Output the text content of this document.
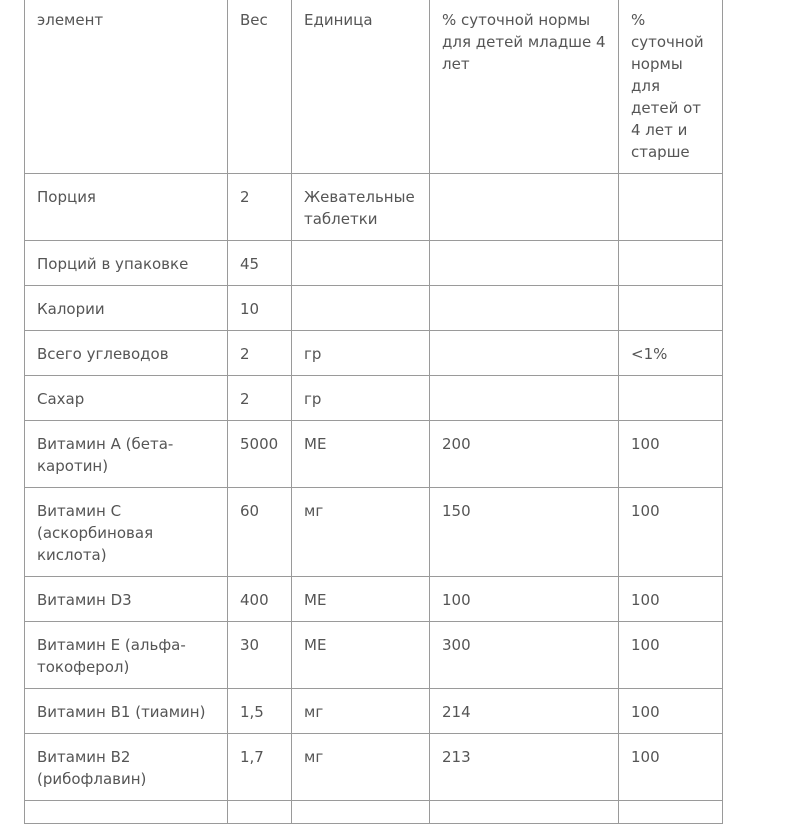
элемент	Вес	Единица	% суточной нормы для детей младше 4 лет	% суточной нормы для детей от 4 лет и старше
Порция	2	Жевательные таблетки		
Порций в упаковке	45			
Калории	10			
Всего углеводов	2	гр		<1%
Сахар	2	гр		
Витамин А (бета-каротин)	5000	МЕ	200	100
Витамин С (аскорбиновая кислота)	60	мг	150	100
Витамин D3	400	МЕ	100	100
Витамин Е (альфа-токоферол)	30	МЕ	300	100
Витамин В1 (тиамин)	1,5	мг	214	100
Витамин В2 (рибофлавин)	1,7	мг	213	100
